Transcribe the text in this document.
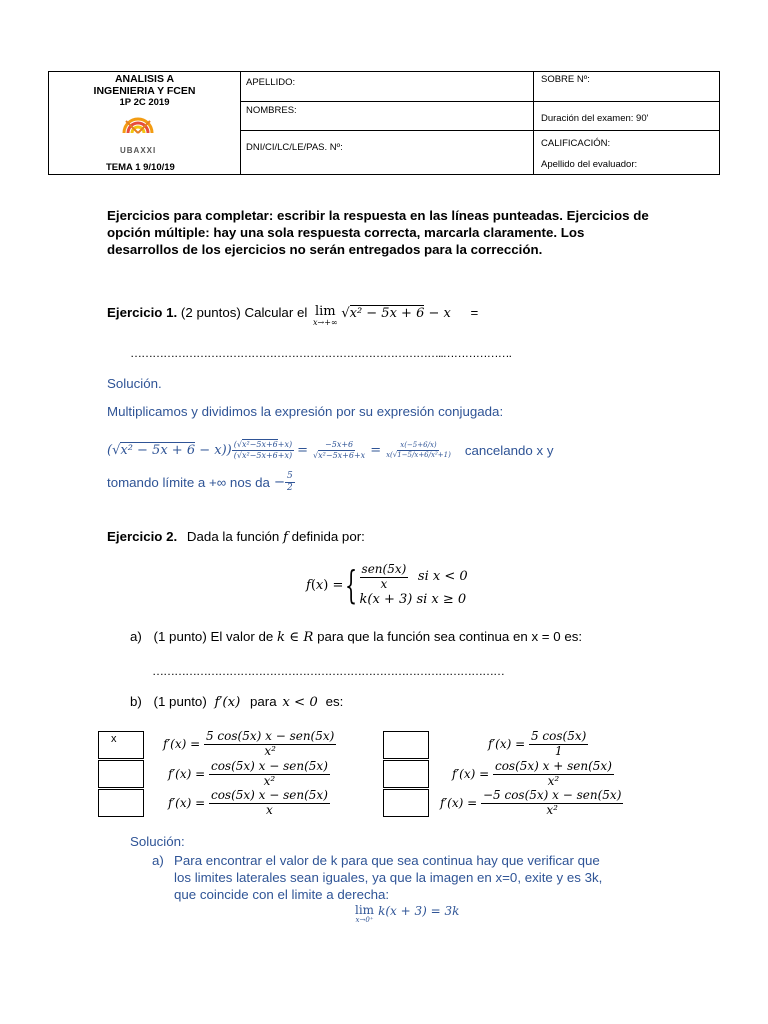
ANALISIS A
INGENIERIA Y FCEN
1P 2C 2019
TEMA 1 9/10/19
APELLIDO:
NOMBRES:
DNI/CI/LC/LE/PAS. Nº:
SOBRE Nº:
Duración del examen: 90'
CALIFICACIÓN:
Apellido del evaluador:
UBAXXI
Ejercicios para completar: escribir la respuesta en las líneas punteadas. Ejercicios de opción múltiple: hay una sola respuesta correcta, marcarla claramente. Los desarrollos de los ejercicios no serán entregados para la corrección.
Ejercicio 1. (2 puntos) Calcular el lim
x→+∞
√x² − 5x + 6 − x =
…………………………………………………………………………..……………….
Solución.
Multiplicamos y dividimos la expresión por su expresión conjugada:
$(√x^2 - 5x + 6 - x)) \frac{\text{(√x²−5x+6+x)}}{\text{(√x²−5x+6+x)}} = \frac{-5x+6}{\text{√x²−5x+6+x}} = \frac{x(-5+6/x)}{\text{x(√1−5/x+6/x²+1)}}$ cancelando x y
tomando límite a +∞ nos da − $\frac{5}{2}$
Ejercicio 2. Dada la función f definida por:
f ( x ) = { $\frac{\text{sen(5x)}}{x}$ si x < 0
k(x + 3) si x ≥ 0
a) (1 punto) El valor de k ∈ R para que la función sea continua en x = 0 es:
……………………………………………………………………………………
b) (1 punto) f′(x) para x < 0 es:
x	$f'(x) = \frac{\text{5 cos(5x) x − sen(5x)}}{\text{x²}}$
$f'(x) = \frac{\text{cos(5x) x − sen(5x)}}{\text{x²}}$
$f'(x) = \frac{\text{cos(5x) x − sen(5x)}}{x}$
$f'(x) = \frac{5 \cos(5x)}{1}$
$f'(x) = \frac{\text{cos(5x) x + sen(5x)}}{\text{x²}}$
$f'(x) = \frac{\text{−5 cos(5x) x − sen(5x)}}{\text{x²}}$
Solución:
a) Para encontrar el valor de k para que sea continua hay que verificar que
los limites laterales sean iguales, ya que la imagen en x=0, exite y es 3k,
que coincide con el limite a derecha:
lim
x→0⁺
k(x + 3) = 3k
